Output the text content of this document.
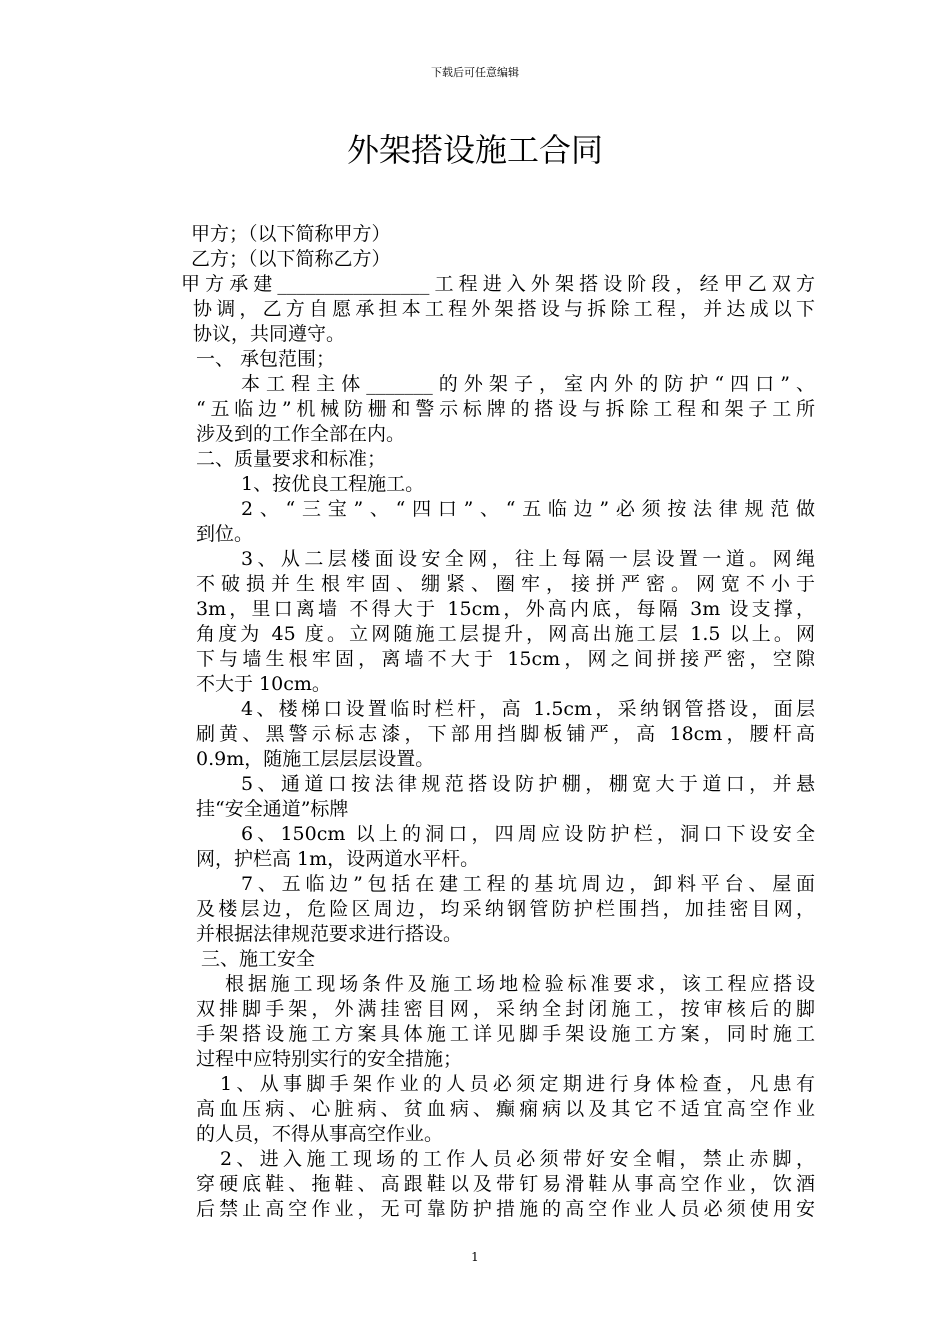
下载后可任意编辑
外架搭设施工合同
甲方；（以下简称甲方）
乙方；（以下简称乙方）
甲方承建________________工程进入外架搭设阶段，经甲乙双方
协调，乙方自愿承担本工程外架搭设与拆除工程，并达成以下
协议，共同遵守。
一、 承包范围；
本工程主体_______的外架子，室内外的防护“四口”、
“五临边”机械防栅和警示标牌的搭设与拆除工程和架子工所
涉及到的工作全部在内。
二、质量要求和标准；
1、按优良工程施工。
2、“三宝”、“四口”、“五临边”必须按法律规范做
到位。
3、从二层楼面设安全网，往上每隔一层设置一道。网绳
不破损并生根牢固、绷紧、圈牢，接拼严密。网宽不小于
3m，里口离墙 不得大于 15cm，外高内底，每隔 3m 设支撑，
角度为 45 度。立网随施工层提升，网高出施工层 1.5 以上。网
下与墙生根牢固，离墙不大于 15cm，网之间拼接严密，空隙
不大于 10cm。
4、楼梯口设置临时栏杆，高 1.5cm，采纳钢管搭设，面层
刷黄、黑警示标志漆，下部用挡脚板铺严，高 18cm，腰杆高
0.9m，随施工层层层设置。
5、通道口按法律规范搭设防护棚，棚宽大于道口，并悬
挂“安全通道”标牌
6、150cm 以上的洞口，四周应设防护栏，洞口下设安全
网，护栏高 1m，设两道水平杆。
7、五临边”包括在建工程的基坑周边，卸料平台、屋面
及楼层边，危险区周边，均采纳钢管防护栏围挡，加挂密目网，
并根据法律规范要求进行搭设。
三、施工安全
根据施工现场条件及施工场地检验标准要求，该工程应搭设
双排脚手架，外满挂密目网，采纳全封闭施工，按审核后的脚
手架搭设施工方案具体施工详见脚手架设施工方案，同时施工
过程中应特别实行的安全措施；
1、从事脚手架作业的人员必须定期进行身体检查，凡患有
高血压病、心脏病、贫血病、癫痫病以及其它不适宜高空作业
的人员，不得从事高空作业。
2、进入施工现场的工作人员必须带好安全帽，禁止赤脚，
穿硬底鞋、拖鞋、高跟鞋以及带钉易滑鞋从事高空作业，饮酒
后禁止高空作业，无可靠防护措施的高空作业人员必须使用安
1
